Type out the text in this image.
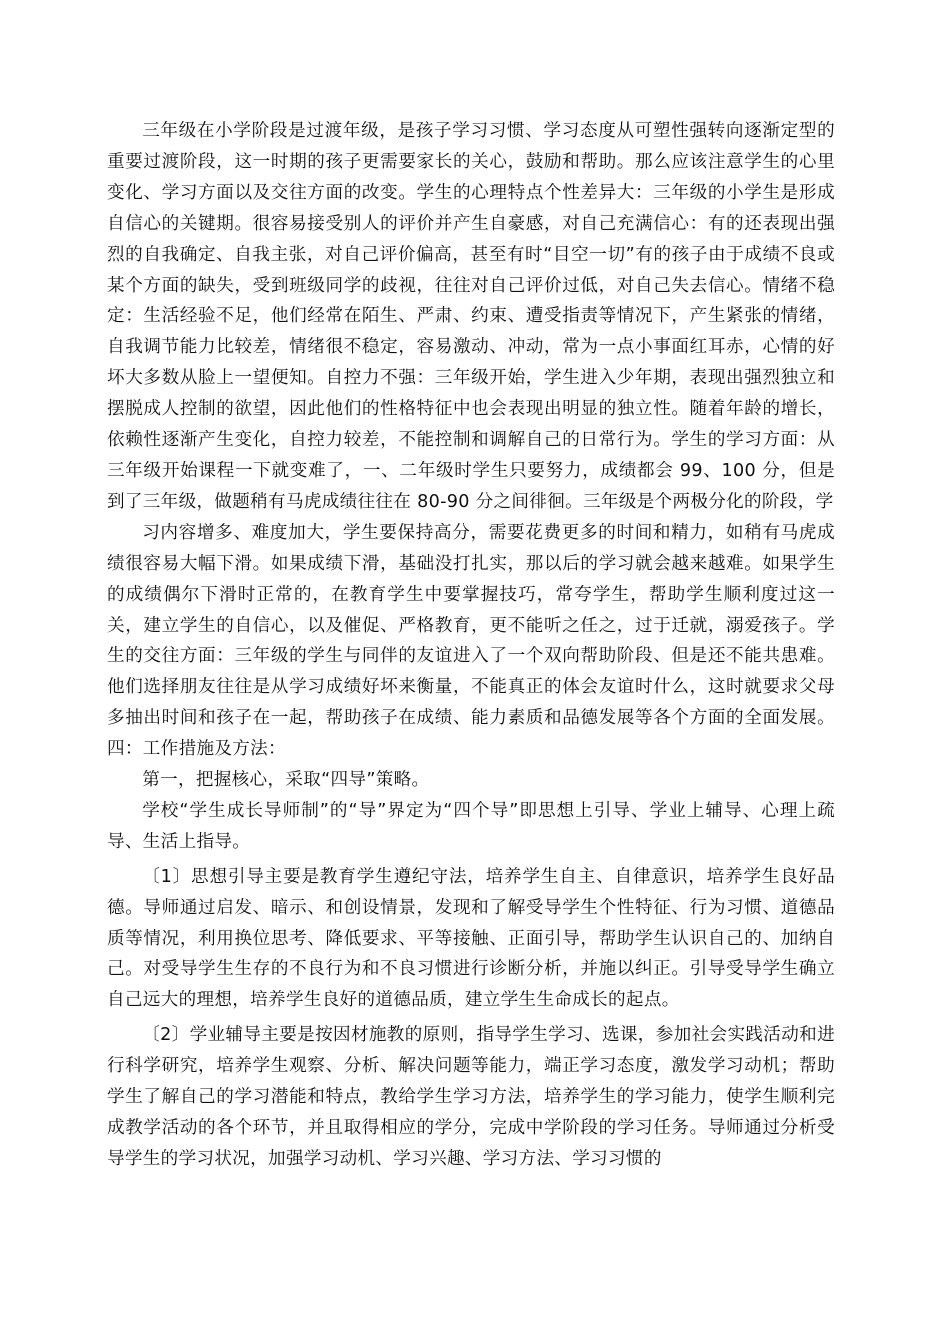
三年级在小学阶段是过渡年级，是孩子学习习惯、学习态度从可塑性强转向逐渐定型的重要过渡阶段，这一时期的孩子更需要家长的关心，鼓励和帮助。那么应该注意学生的心里变化、学习方面以及交往方面的改变。学生的心理特点个性差异大：三年级的小学生是形成自信心的关键期。很容易接受别人的评价并产生自豪感，对自己充满信心：有的还表现出强烈的自我确定、自我主张，对自己评价偏高，甚至有时“目空一切”有的孩子由于成绩不良或某个方面的缺失，受到班级同学的歧视，往往对自己评价过低，对自己失去信心。情绪不稳定：生活经验不足，他们经常在陌生、严肃、约束、遭受指责等情况下，产生紧张的情绪，自我调节能力比较差，情绪很不稳定，容易激动、冲动，常为一点小事面红耳赤，心情的好坏大多数从脸上一望便知。自控力不强：三年级开始，学生进入少年期，表现出强烈独立和摆脱成人控制的欲望，因此他们的性格特征中也会表现出明显的独立性。随着年龄的增长，依赖性逐渐产生变化，自控力较差，不能控制和调解自己的日常行为。学生的学习方面：从三年级开始课程一下就变难了，一、二年级时学生只要努力，成绩都会 99、100 分，但是到了三年级，做题稍有马虎成绩往往在 80-90 分之间徘徊。三年级是个两极分化的阶段，学

习内容增多、难度加大，学生要保持高分，需要花费更多的时间和精力，如稍有马虎成绩很容易大幅下滑。如果成绩下滑，基础没打扎实，那以后的学习就会越来越难。如果学生的成绩偶尔下滑时正常的，在教育学生中要掌握技巧，常夸学生，帮助学生顺利度过这一关，建立学生的自信心，以及催促、严格教育，更不能听之任之，过于迁就，溺爱孩子。学生的交往方面：三年级的学生与同伴的友谊进入了一个双向帮助阶段、但是还不能共患难。他们选择朋友往往是从学习成绩好坏来衡量，不能真正的体会友谊时什么，这时就要求父母多抽出时间和孩子在一起，帮助孩子在成绩、能力素质和品德发展等各个方面的全面发展。四：工作措施及方法：

第一，把握核心，采取“四导”策略。

学校“学生成长导师制”的“导”界定为“四个导”即思想上引导、学业上辅导、心理上疏导、生活上指导。

〔1〕思想引导主要是教育学生遵纪守法，培养学生自主、自律意识，培养学生良好品德。导师通过启发、暗示、和创设情景，发现和了解受导学生个性特征、行为习惯、道德品质等情况，利用换位思考、降低要求、平等接触、正面引导，帮助学生认识自己的、加纳自己。对受导学生生存的不良行为和不良习惯进行诊断分析，并施以纠正。引导受导学生确立自己远大的理想，培养学生良好的道德品质，建立学生生命成长的起点。

〔2〕学业辅导主要是按因材施教的原则，指导学生学习、选课，参加社会实践活动和进行科学研究，培养学生观察、分析、解决问题等能力，端正学习态度，激发学习动机；帮助学生了解自己的学习潜能和特点，教给学生学习方法，培养学生的学习能力，使学生顺利完成教学活动的各个环节，并且取得相应的学分，完成中学阶段的学习任务。导师通过分析受导学生的学习状况，加强学习动机、学习兴趣、学习方法、学习习惯的
